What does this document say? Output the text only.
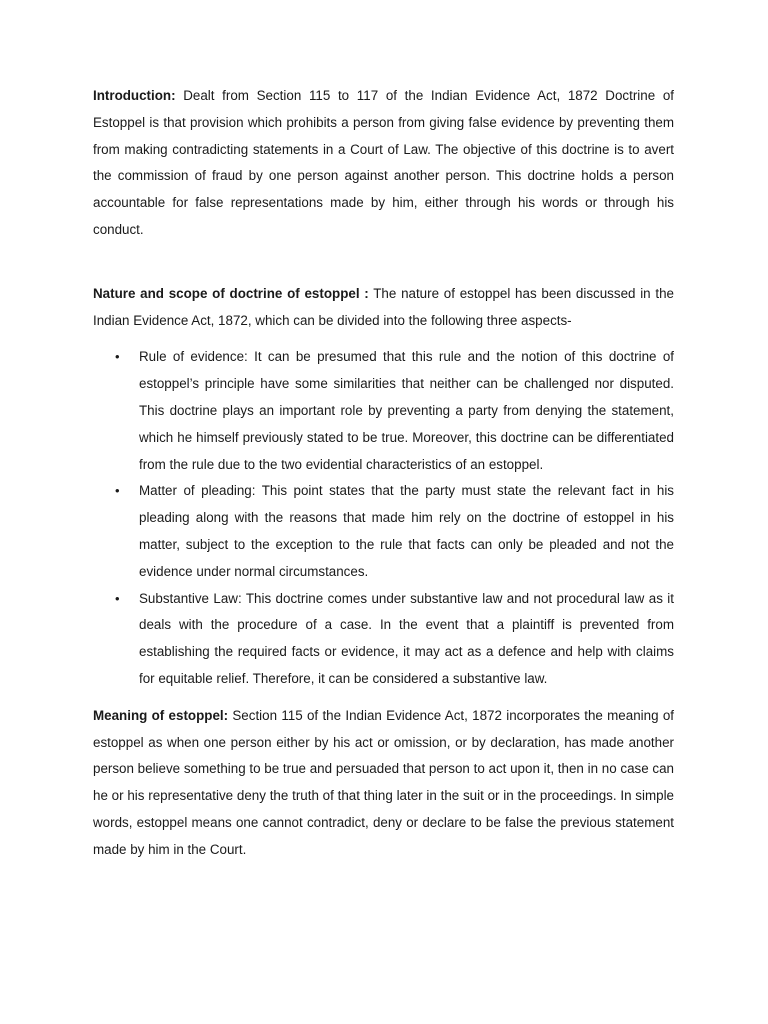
Introduction: Dealt from Section 115 to 117 of the Indian Evidence Act, 1872 Doctrine of Estoppel is that provision which prohibits a person from giving false evidence by preventing them from making contradicting statements in a Court of Law. The objective of this doctrine is to avert the commission of fraud by one person against another person. This doctrine holds a person accountable for false representations made by him, either through his words or through his conduct.

Nature and scope of doctrine of estoppel : The nature of estoppel has been discussed in the Indian Evidence Act, 1872, which can be divided into the following three aspects-

• Rule of evidence: It can be presumed that this rule and the notion of this doctrine of estoppel’s principle have some similarities that neither can be challenged nor disputed. This doctrine plays an important role by preventing a party from denying the statement, which he himself previously stated to be true. Moreover, this doctrine can be differentiated from the rule due to the two evidential characteristics of an estoppel.
• Matter of pleading: This point states that the party must state the relevant fact in his pleading along with the reasons that made him rely on the doctrine of estoppel in his matter, subject to the exception to the rule that facts can only be pleaded and not the evidence under normal circumstances.
• Substantive Law: This doctrine comes under substantive law and not procedural law as it deals with the procedure of a case. In the event that a plaintiff is prevented from establishing the required facts or evidence, it may act as a defence and help with claims for equitable relief. Therefore, it can be considered a substantive law.

Meaning of estoppel: Section 115 of the Indian Evidence Act, 1872 incorporates the meaning of estoppel as when one person either by his act or omission, or by declaration, has made another person believe something to be true and persuaded that person to act upon it, then in no case can he or his representative deny the truth of that thing later in the suit or in the proceedings. In simple words, estoppel means one cannot contradict, deny or declare to be false the previous statement made by him in the Court.
